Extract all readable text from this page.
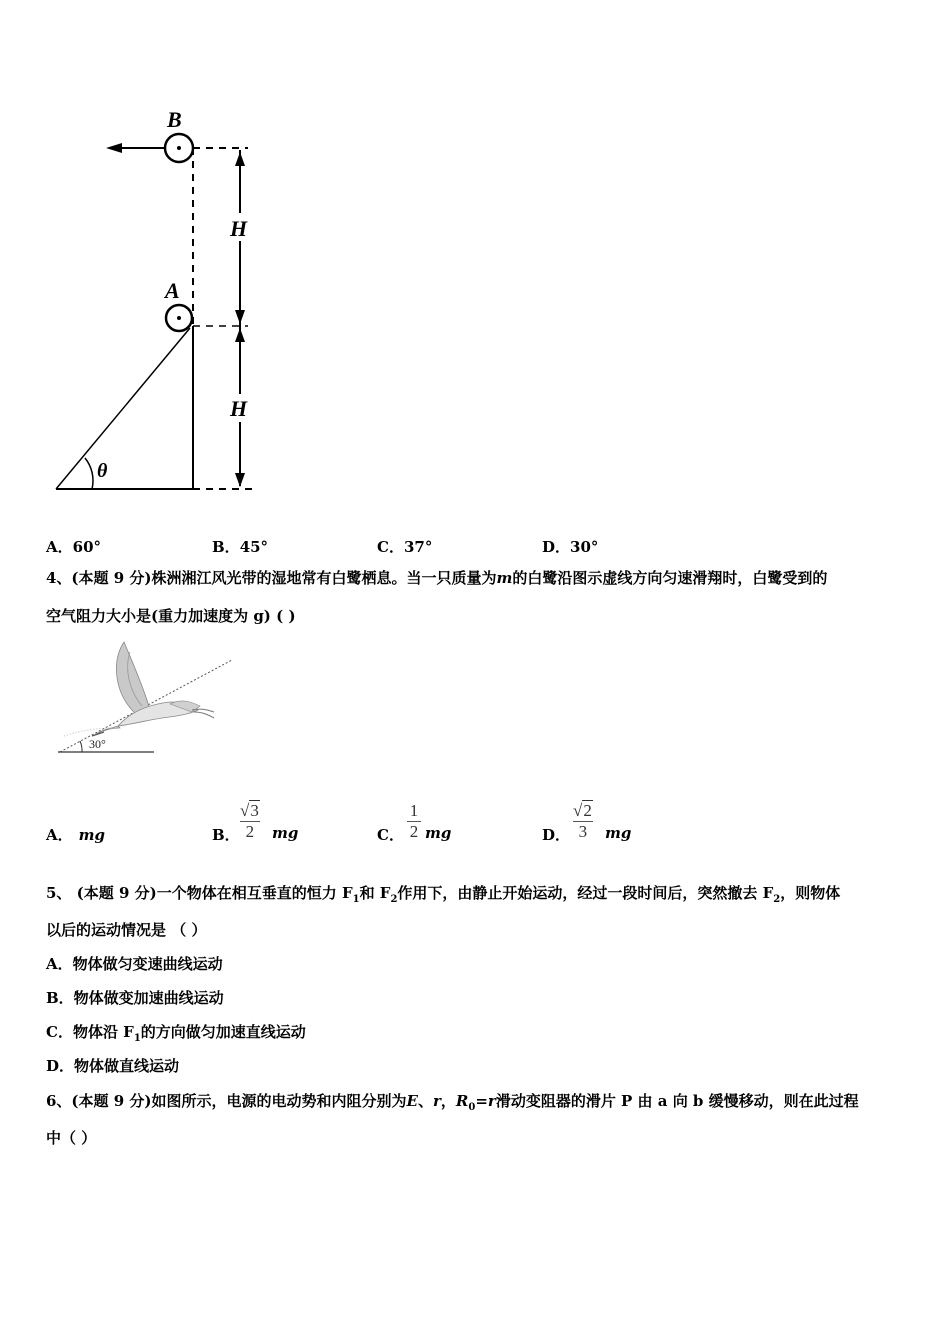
B
A
θ
H
H
A．60°	B．45°	C．37°	D．30°
4、(本题 9 分)株洲湘江风光带的湿地常有白鹭栖息。当一只质量为m的白鹭沿图示虚线方向匀速滑翔时，白鹭受到的
空气阻力大小是(重力加速度为 g) ( )
30°
A． mg	B．
√3
2	mg	C．
1
2 mg	D．
√2
3	mg
5、 (本题 9 分)一个物体在相互垂直的恒力 $F_1$和 $F_2$作用下，由静止开始运动，经过一段时间后，突然撤去 $F_2$，则物体
以后的运动情况是 （ ）
A．物体做匀变速曲线运动
B．物体做变加速曲线运动
C．物体沿 $F_1$的方向做匀加速直线运动
D．物体做直线运动
6、(本题 9 分)如图所示，电源的电动势和内阻分别为E、r，$R_0=r$滑动变阻器的滑片 P 由 a 向 b 缓慢移动，则在此过程
中（ ）
